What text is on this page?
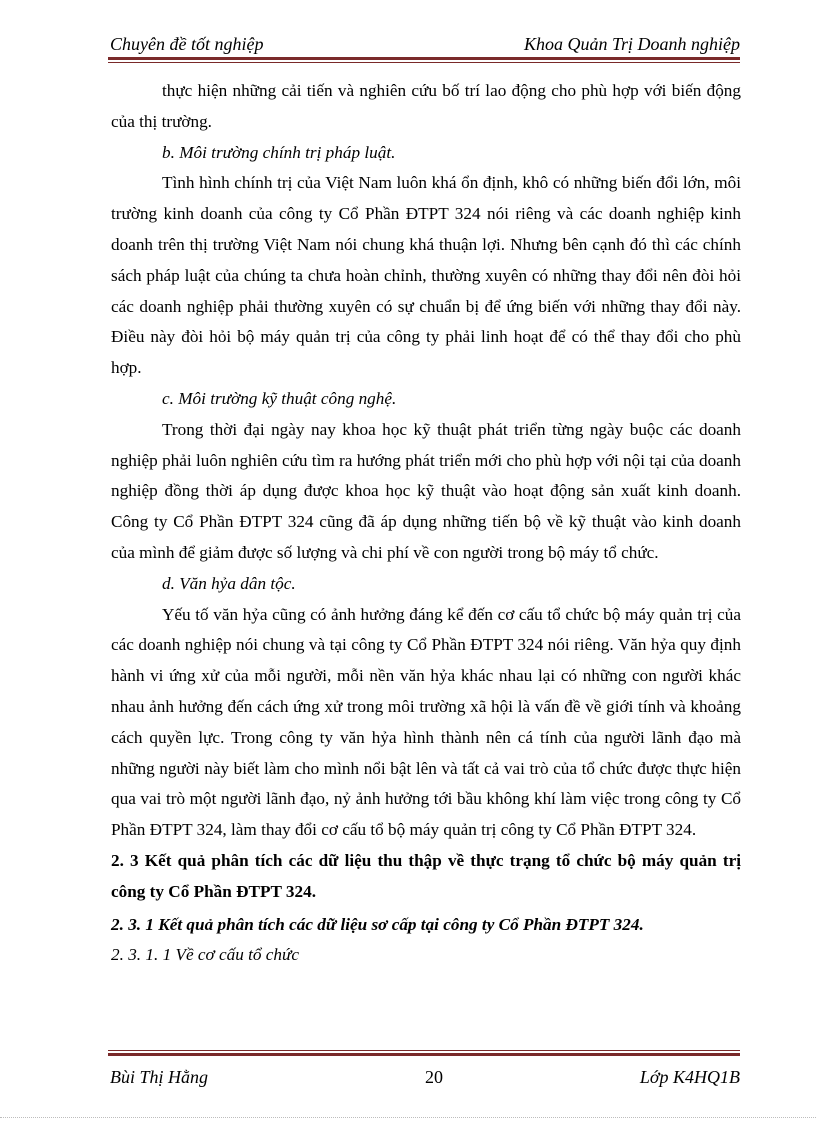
Chuyên đề tốt nghiệp	Khoa Quản Trị Doanh nghiệp

thực hiện những cải tiến và nghiên cứu bố trí lao động cho phù hợp với biến động của thị trường.

b. Môi trường chính trị pháp luật.

Tình hình chính trị của Việt Nam luôn khá ổn định, khô có những biến đổi lớn, môi trường kinh doanh của công ty Cổ Phần ĐTPT 324 nói riêng và các doanh nghiệp kinh doanh trên thị trường Việt Nam nói chung khá thuận lợi. Nhưng bên cạnh đó thì các chính sách pháp luật của chúng ta chưa hoàn chỉnh, thường xuyên có những thay đổi nên đòi hỏi các doanh nghiệp phải thường xuyên có sự chuẩn bị để ứng biến với những thay đổi này. Điều này đòi hỏi bộ máy quản trị của công ty phải linh hoạt để có thể thay đổi cho phù hợp.

c. Môi trường kỹ thuật công nghệ.

Trong thời đại ngày nay khoa học kỹ thuật phát triển từng ngày buộc các doanh nghiệp phải luôn nghiên cứu tìm ra hướng phát triển mới cho phù hợp với nội tại của doanh nghiệp đồng thời áp dụng được khoa học kỹ thuật vào hoạt động sản xuất kinh doanh. Công ty Cổ Phần ĐTPT 324 cũng đã áp dụng những tiến bộ về kỹ thuật vào kinh doanh của mình để giảm được số lượng và chi phí về con người trong bộ máy tổ chức.

d. Văn hỷa dân tộc.

Yếu tố văn hỷa cũng có ảnh hưởng đáng kể đến cơ cấu tổ chức bộ máy quản trị của các doanh nghiệp nói chung và tại công ty Cổ Phần ĐTPT 324 nói riêng. Văn hỷa quy định hành vi ứng xử của mỗi người, mỗi nền văn hỷa khác nhau lại có những con người khác nhau ảnh hưởng đến cách ứng xử trong môi trường xã hội là vấn đề về giới tính và khoảng cách quyền lực. Trong công ty văn hỷa hình thành nên cá tính của người lãnh đạo mà những người này biết làm cho mình nổi bật lên và tất cả vai trò của tổ chức được thực hiện qua vai trò một người lãnh đạo, nỷ ảnh hưởng tới bầu không khí làm việc trong công ty Cổ Phần ĐTPT 324, làm thay đổi cơ cấu tổ bộ máy quản trị công ty Cổ Phần ĐTPT 324.

2. 3 Kết quả phân tích các dữ liệu thu thập về thực trạng tổ chức bộ máy quản trị công ty Cổ Phần ĐTPT 324.

2. 3. 1 Kết quả phân tích các dữ liệu sơ cấp tại công ty Cổ Phần ĐTPT 324.

2. 3. 1. 1 Về cơ cấu tổ chức

Bùi Thị Hằng	20	Lớp K4HQ1B
